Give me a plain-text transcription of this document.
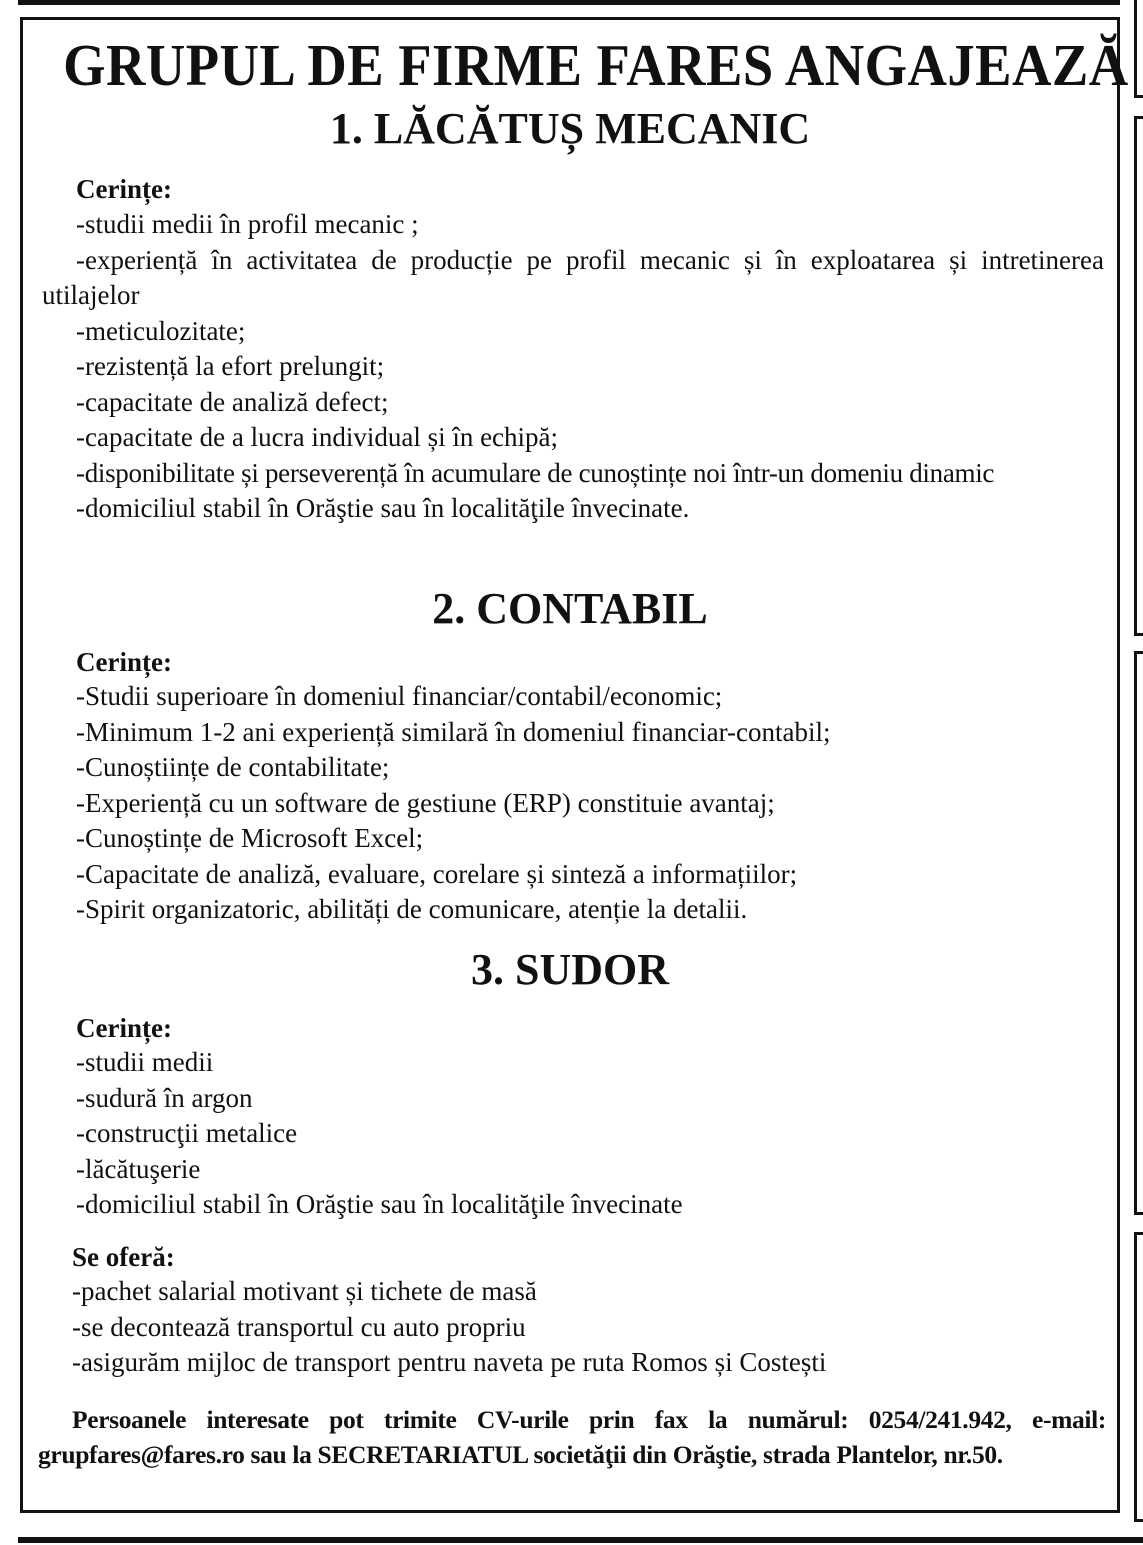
GRUPUL DE FIRME FARES ANGAJEAZĂ
1. LĂCĂTUȘ MECANIC
Cerințe:
-studii medii în profil mecanic ;
-experiență în activitatea de producție pe profil mecanic și în exploatarea și intretinerea utilajelor
-meticulozitate;
-rezistență la efort prelungit;
-capacitate de analiză defect;
-capacitate de a lucra individual și în echipă;
-disponibilitate și perseverență în acumulare de cunoștințe noi într-un domeniu dinamic
-domiciliul stabil în Orăştie sau în localităţile învecinate.
2. CONTABIL
Cerințe:
-Studii superioare în domeniul financiar/contabil/economic;
-Minimum 1-2 ani experiență similară în domeniul financiar-contabil;
-Cunoștiințe de contabilitate;
-Experiență cu un software de gestiune (ERP) constituie avantaj;
-Cunoștințe de Microsoft Excel;
-Capacitate de analiză, evaluare, corelare și sinteză a informațiilor;
-Spirit organizatoric, abilități de comunicare, atenție la detalii.
3. SUDOR
Cerințe:
-studii medii
-sudură în argon
-construcţii metalice
-lăcătuşerie
-domiciliul stabil în Orăştie sau în localităţile învecinate
Se oferă:
-pachet salarial motivant și tichete de masă
-se decontează transportul cu auto propriu
-asigurăm mijloc de transport pentru naveta pe ruta Romos și Costești
Persoanele interesate pot trimite CV-urile prin fax la numărul: 0254/241.942, e-mail: grupfares@fares.ro sau la SECRETARIATUL societăţii din Orăştie, strada Plantelor, nr.50.
